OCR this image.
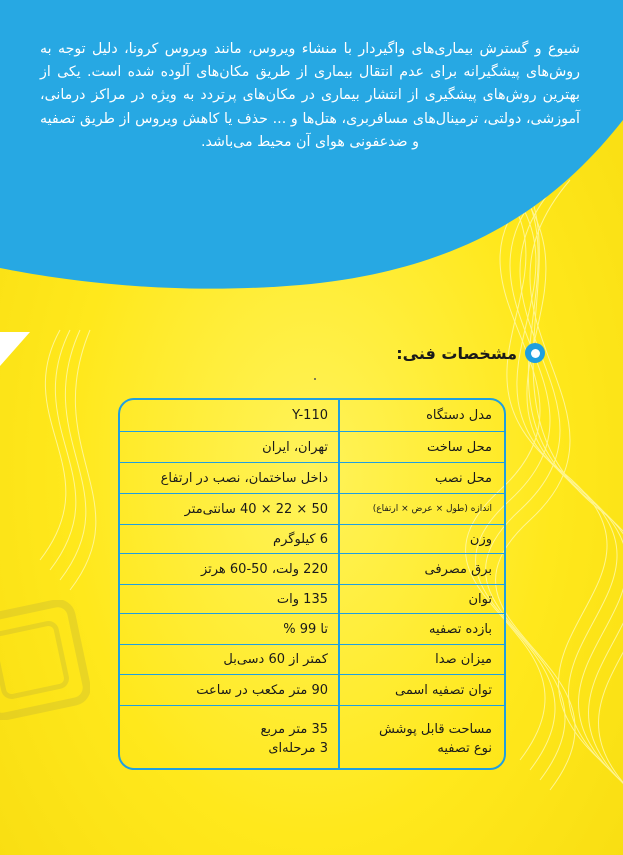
شیوع و گسترش بیماری‌های واگیردار با منشاء ویروس، مانند ویروس کرونا، دلیل توجه به روش‌های پیشگیرانه برای عدم انتقال بیماری از طریق مکان‌های آلوده شده است. یکی از بهترین روش‌های پیشگیری از انتشار بیماری در مکان‌های پرتردد به ویژه در مراکز درمانی، آموزشی، دولتی، ترمینال‌های مسافربری، هتل‌ها و ... حذف یا کاهش ویروس از طریق تصفیه و ضدعفونی هوای آن محیط می‌باشد.
مشخصات فنی:
مدل دستگاه
Y-110
محل ساخت
تهران، ایران
محل نصب
داخل ساختمان، نصب در ارتفاع
اندازه (طول × عرض × ارتفاع)
50 × 22 × 40 سانتی‌متر
وزن
6 کیلوگرم
برق مصرفی
220 ولت، 50-60 هرتز
توان
135 وات
بازده تصفیه
تا 99 %
میزان صدا
کمتر از 60 دسی‌بل
توان تصفیه اسمی
90 متر مکعب در ساعت
مساحت قابل پوشش
نوع تصفیه
35 متر مربع
3 مرحله‌ای
